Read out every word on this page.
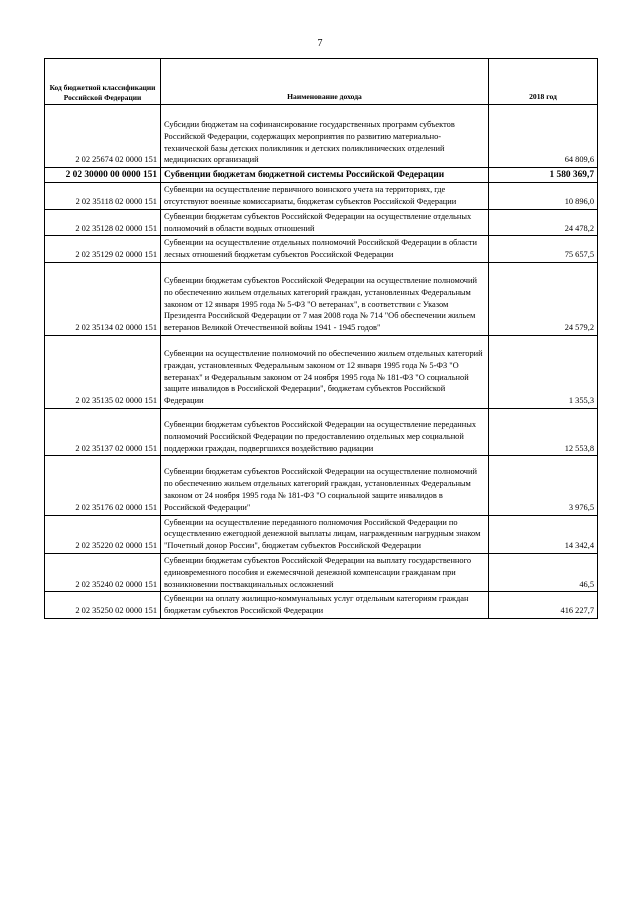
7
Код бюджетной классификации Российской Федерации	Наименование дохода	2018 год
2 02 25674 02 0000 151	Субсидии бюджетам на софинансирование государственных программ субъектов Российской Федерации, содержащих мероприятия по развитию материально-технической базы детских поликлиник и детских поликлинических отделений медицинских организаций	64 809,6
2 02 30000 00 0000 151	Субвенции бюджетам бюджетной системы Российской Федерации	1 580 369,7
2 02 35118 02 0000 151	Субвенции на осуществление первичного воинского учета на территориях, где отсутствуют военные комиссариаты, бюджетам субъектов Российской Федерации	10 896,0
2 02 35128 02 0000 151	Субвенции бюджетам субъектов Российской Федерации на осуществление отдельных полномочий в области водных отношений	24 478,2
2 02 35129 02 0000 151	Субвенции на осуществление отдельных полномочий Российской Федерации в области лесных отношений бюджетам субъектов Российской Федерации	75 657,5
2 02 35134 02 0000 151	Субвенции бюджетам субъектов Российской Федерации на осуществление полномочий по обеспечению жильем отдельных категорий граждан, установленных Федеральным законом от 12 января 1995 года № 5-ФЗ "О ветеранах", в соответствии с Указом Президента Российской Федерации от 7 мая 2008 года № 714 "Об обеспечении жильем ветеранов Великой Отечественной войны 1941 - 1945 годов"	24 579,2
2 02 35135 02 0000 151	Субвенции на осуществление полномочий по обеспечению жильем отдельных категорий граждан, установленных Федеральным законом от 12 января 1995 года № 5-ФЗ "О ветеранах" и Федеральным законом от 24 ноября 1995 года № 181-ФЗ "О социальной защите инвалидов в Российской Федерации", бюджетам субъектов Российской Федерации	1 355,3
2 02 35137 02 0000 151	Субвенции бюджетам субъектов Российской Федерации на осуществление переданных полномочий Российской Федерации по предоставлению отдельных мер социальной поддержки граждан, подвергшихся воздействию радиации	12 553,8
2 02 35176 02 0000 151	Субвенции бюджетам субъектов Российской Федерации на осуществление полномочий по обеспечению жильем отдельных категорий граждан, установленных Федеральным законом от 24 ноября 1995 года № 181-ФЗ "О социальной защите инвалидов в Российской Федерации"	3 976,5
2 02 35220 02 0000 151	Субвенции на осуществление переданного полномочия Российской Федерации по осуществлению ежегодной денежной выплаты лицам, награжденным нагрудным знаком "Почетный донор России", бюджетам субъектов Российской Федерации	14 342,4
2 02 35240 02 0000 151	Субвенции бюджетам субъектов Российской Федерации на выплату государственного единовременного пособия и ежемесячной денежной компенсации гражданам при возникновении поствакцинальных осложнений	46,5
2 02 35250 02 0000 151	Субвенции на оплату жилищно-коммунальных услуг отдельным категориям граждан бюджетам субъектов Российской Федерации	416 227,7
